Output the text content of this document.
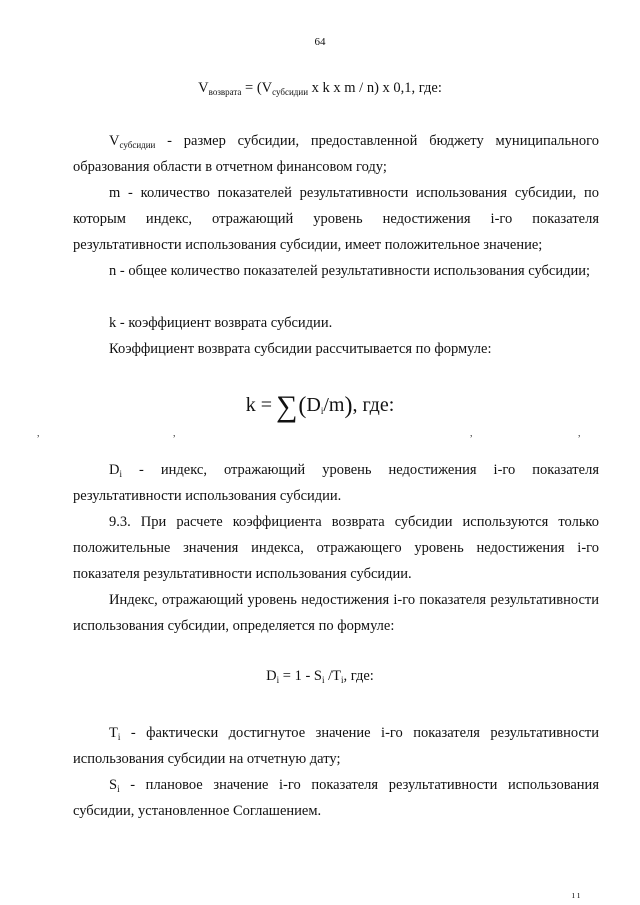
64
$V_{возврата} = (V_{субсидии}$ x k x m / n) x 0,1, где:

$V_{субсидии}$ - размер субсидии, предоставленной бюджету муниципального образования области в отчетном финансовом году;

m - количество показателей результативности использования субсидии, по которым индекс, отражающий уровень недостижения i-го показателя результативности использования субсидии, имеет положительное значение;

n - общее количество показателей результативности использования субсидии;

k - коэффициент возврата субсидии.

Коэффициент возврата субсидии рассчитывается по формуле:

$k = \sum(D_i/m)$, где:
,	,	,	,

$D_i$ - индекс, отражающий уровень недостижения i-го показателя результативности использования субсидии.

9.3. При расчете коэффициента возврата субсидии используются только положительные значения индекса, отражающего уровень недостижения i-го показателя результативности использования субсидии.

Индекс, отражающий уровень недостижения i-го показателя результативности использования субсидии, определяется по формуле:

$D_i = 1 - S_i$ $/T_i$, где:

$T_i$ - фактически достигнутое значение i-го показателя результативности использования субсидии на отчетную дату;

$S_i$ - плановое значение i-го показателя результативности использования субсидии, установленное Соглашением.

ı ı
